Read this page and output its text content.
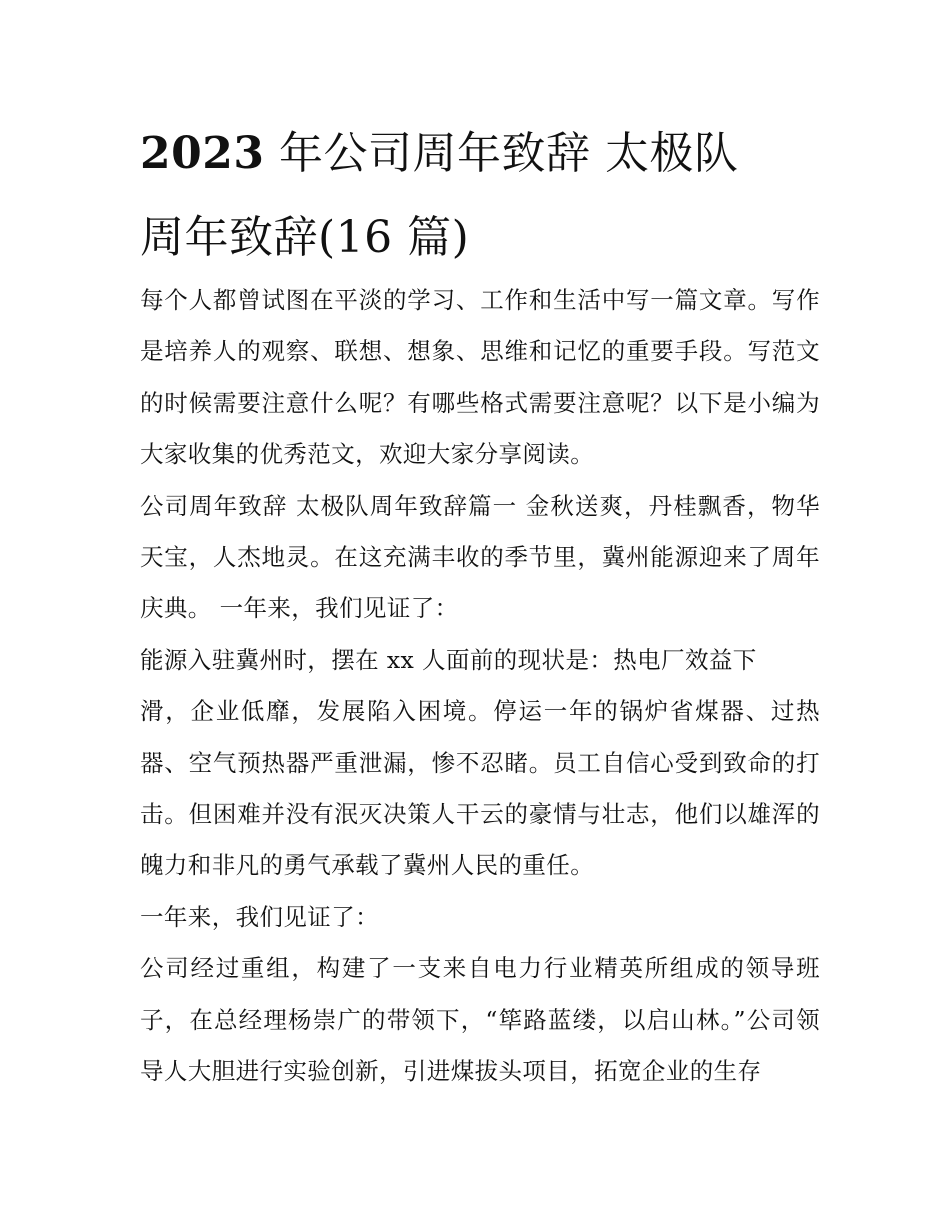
2023 年公司周年致辞 太极队
周年致辞(16 篇)

每个人都曾试图在平淡的学习、工作和生活中写一篇文章。写作是培养人的观察、联想、想象、思维和记忆的重要手段。写范文的时候需要注意什么呢？有哪些格式需要注意呢？以下是小编为大家收集的优秀范文，欢迎大家分享阅读。

公司周年致辞 太极队周年致辞篇一 金秋送爽，丹桂飘香，物华天宝，人杰地灵。在这充满丰收的季节里，冀州能源迎来了周年庆典。 一年来，我们见证了：

能源入驻冀州时，摆在 xx 人面前的现状是：热电厂效益下

滑，企业低靡，发展陷入困境。停运一年的锅炉省煤器、过热器、空气预热器严重泄漏，惨不忍睹。员工自信心受到致命的打击。但困难并没有泯灭决策人干云的豪情与壮志，他们以雄浑的魄力和非凡的勇气承载了冀州人民的重任。

一年来，我们见证了：

公司经过重组，构建了一支来自电力行业精英所组成的领导班子，在总经理杨崇广的带领下，“筚路蓝缕，以启山林。”公司领导人大胆进行实验创新，引进煤拔头项目，拓宽企业的生存
